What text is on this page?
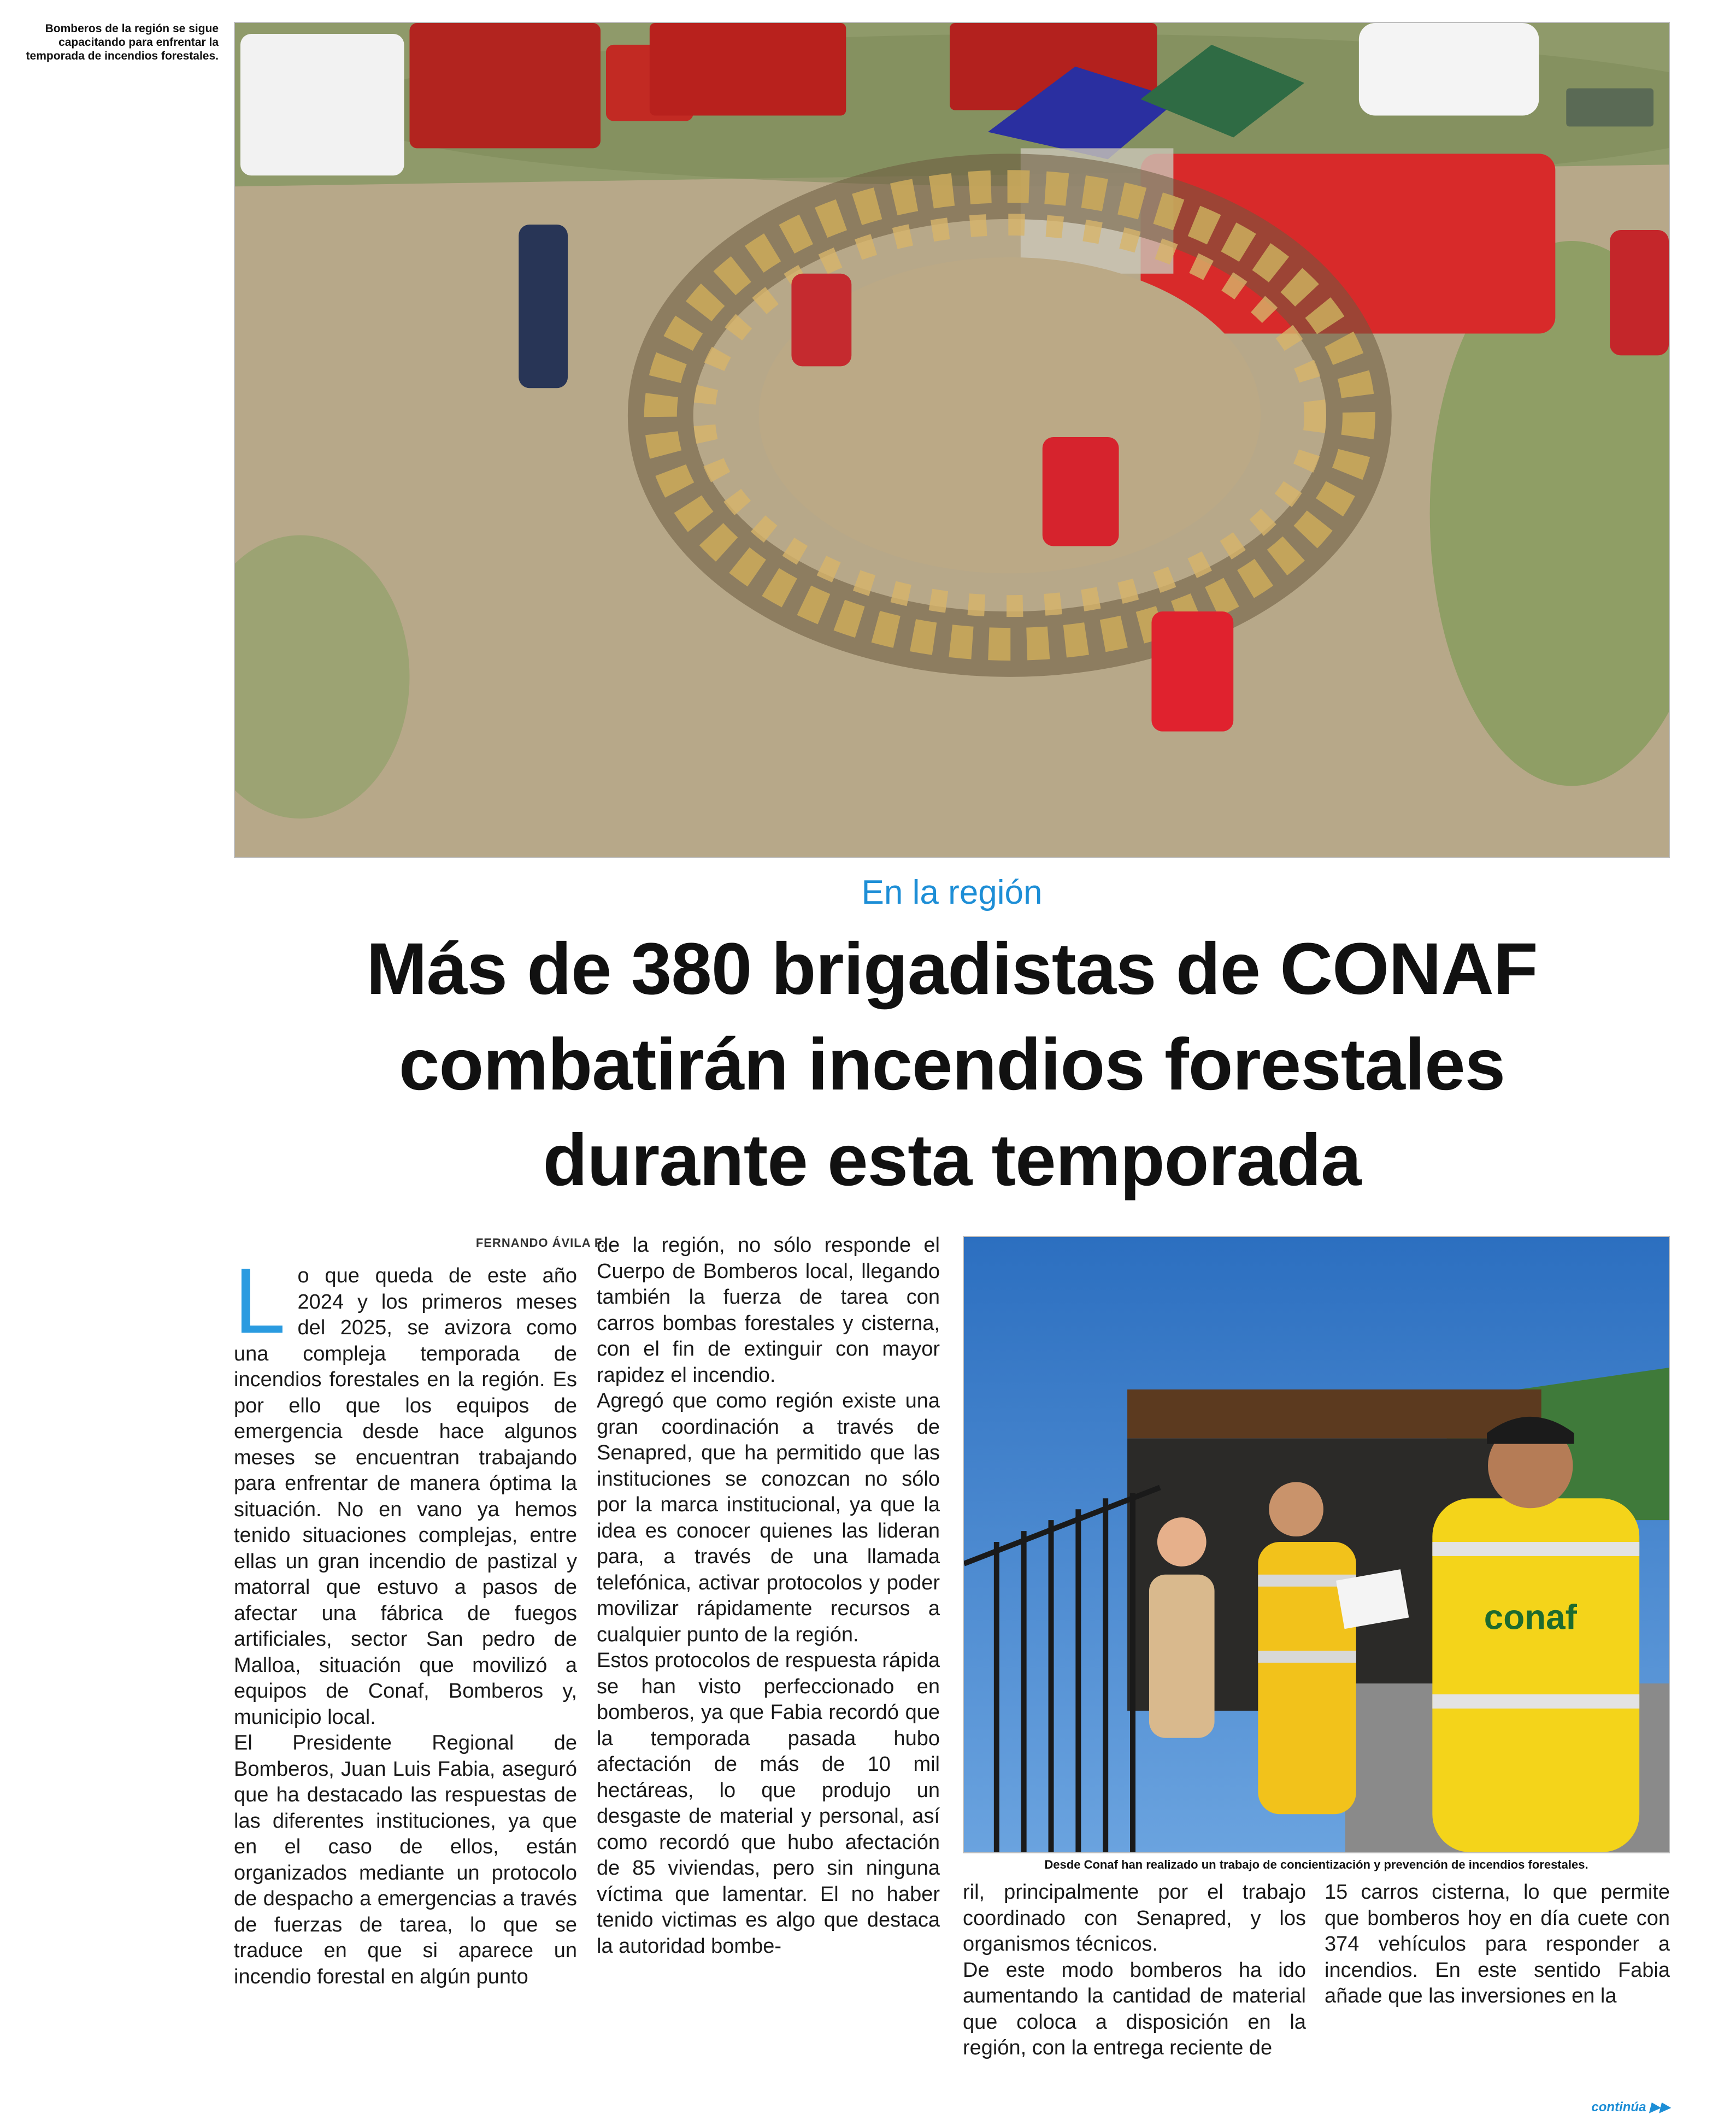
Bomberos de la región se sigue capacitando para enfrentar la temporada de incendios forestales.
En la región
Más de 380 brigadistas de CONAF
combatirán incendios forestales
durante esta temporada
FERNANDO ÁVILA F.

Lo que queda de este año 2024 y los primeros meses del 2025, se avizora como una compleja temporada de incendios forestales en la región. Es por ello que los equipos de emergencia desde hace algunos meses se encuentran trabajando para enfrentar de manera óptima la situación. No en vano ya hemos tenido situaciones complejas, entre ellas un gran incendio de pastizal y matorral que estuvo a pasos de afectar una fábrica de fuegos artificiales, sector San pedro de Malloa, situación que movilizó a equipos de Conaf, Bomberos y, municipio local.

El Presidente Regional de Bomberos, Juan Luis Fabia, aseguró que ha destacado las respuestas de las diferentes instituciones, ya que en el caso de ellos, están organizados mediante un protocolo de despacho a emergencias a través de fuerzas de tarea, lo que se traduce en que si aparece un incendio forestal en algún punto

de la región, no sólo responde el Cuerpo de Bomberos local, llegando también la fuerza de tarea con carros bombas forestales y cisterna, con el fin de extinguir con mayor rapidez el incendio.

Agregó que como región existe una gran coordinación a través de Senapred, que ha permitido que las instituciones se conozcan no sólo por la marca institucional, ya que la idea es conocer quienes las lideran para, a través de una llamada telefónica, activar protocolos y poder movilizar rápidamente recursos a cualquier punto de la región.

Estos protocolos de respuesta rápida se han visto perfeccionado en bomberos, ya que Fabia recordó que la temporada pasada hubo afectación de más de 10 mil hectáreas, lo que produjo un desgaste de material y personal, así como recordó que hubo afectación de 85 viviendas, pero sin ninguna víctima que lamentar. El no haber tenido victimas es algo que destaca la autoridad bombe-

conaf
Desde Conaf han realizado un trabajo de concientización y prevención de incendios forestales.

ril, principalmente por el trabajo coordinado con Senapred, y los organismos técnicos.

De este modo bomberos ha ido aumentando la cantidad de material que coloca a disposición en la región, con la entrega reciente de

15 carros cisterna, lo que permite que bomberos hoy en día cuete con 374 vehículos para responder a incendios. En este sentido Fabia añade que las inversiones en la

continúa ▶▶
